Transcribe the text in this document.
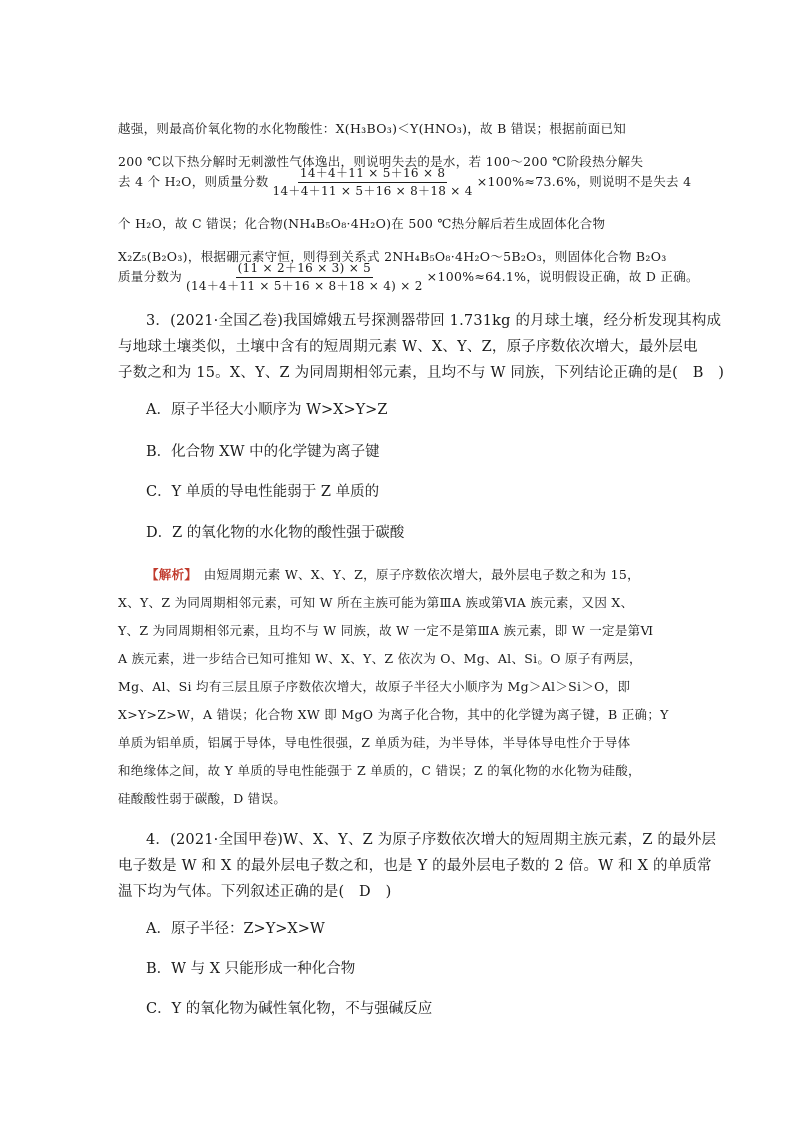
越强，则最高价氧化物的水化物酸性：X(H₃BO₃)＜Y(HNO₃)，故 B 错误；根据前面已知
200 ℃以下热分解时无刺激性气体逸出，则说明失去的是水，若 100～200 ℃阶段热分解失
去 4 个 H₂O，则质量分数 $\frac{14+4+11 \times 5+16 \times 8}{14+4+11 \times 5+16 \times 8+18 \times 4} \times 100\%\approx 73.6\%$，则说明不是失去 4
个 H₂O，故 C 错误；化合物(NH₄B₅O₈·4H₂O)在 500 ℃热分解后若生成固体化合物
X₂Z₅(B₂O₃)，根据硼元素守恒，则得到关系式 2NH₄B₅O₈·4H₂O～5B₂O₃，则固体化合物 B₂O₃
质量分数为 $\frac{(11 \times 2+16 \times 3) \times 5}{(14+4+11 \times 5+16 \times 8+18 \times 4) \times 2} \times 100\%\approx 64.1\%$，说明假设正确，故 D 正确。
3．(2021·全国乙卷)我国嫦娥五号探测器带回 1.731kg 的月球土壤，经分析发现其构成
与地球土壤类似，土壤中含有的短周期元素 W、X、Y、Z，原子序数依次增大，最外层电
子数之和为 15。X、Y、Z 为同周期相邻元素，且均不与 W 同族，下列结论正确的是(　B　)
A．原子半径大小顺序为 W>X>Y>Z
B．化合物 XW 中的化学键为离子键
C．Y 单质的导电性能弱于 Z 单质的
D．Z 的氧化物的水化物的酸性强于碳酸
【解析】　由短周期元素 W、X、Y、Z，原子序数依次增大，最外层电子数之和为 15，
X、Y、Z 为同周期相邻元素，可知 W 所在主族可能为第ⅢA 族或第ⅥA 族元素，又因 X、
Y、Z 为同周期相邻元素，且均不与 W 同族，故 W 一定不是第ⅢA 族元素，即 W 一定是第Ⅵ
A 族元素，进一步结合已知可推知 W、X、Y、Z 依次为 O、Mg、Al、Si。O 原子有两层，
Mg、Al、Si 均有三层且原子序数依次增大，故原子半径大小顺序为 Mg＞Al＞Si＞O，即
X>Y>Z>W，A 错误；化合物 XW 即 MgO 为离子化合物，其中的化学键为离子键，B 正确；Y
单质为铝单质，铝属于导体，导电性很强，Z 单质为硅，为半导体，半导体导电性介于导体
和绝缘体之间，故 Y 单质的导电性能强于 Z 单质的，C 错误；Z 的氧化物的水化物为硅酸，
硅酸酸性弱于碳酸，D 错误。
4．(2021·全国甲卷)W、X、Y、Z 为原子序数依次增大的短周期主族元素，Z 的最外层
电子数是 W 和 X 的最外层电子数之和，也是 Y 的最外层电子数的 2 倍。W 和 X 的单质常
温下均为气体。下列叙述正确的是(　D　)
A．原子半径：Z>Y>X>W
B．W 与 X 只能形成一种化合物
C．Y 的氧化物为碱性氧化物，不与强碱反应
